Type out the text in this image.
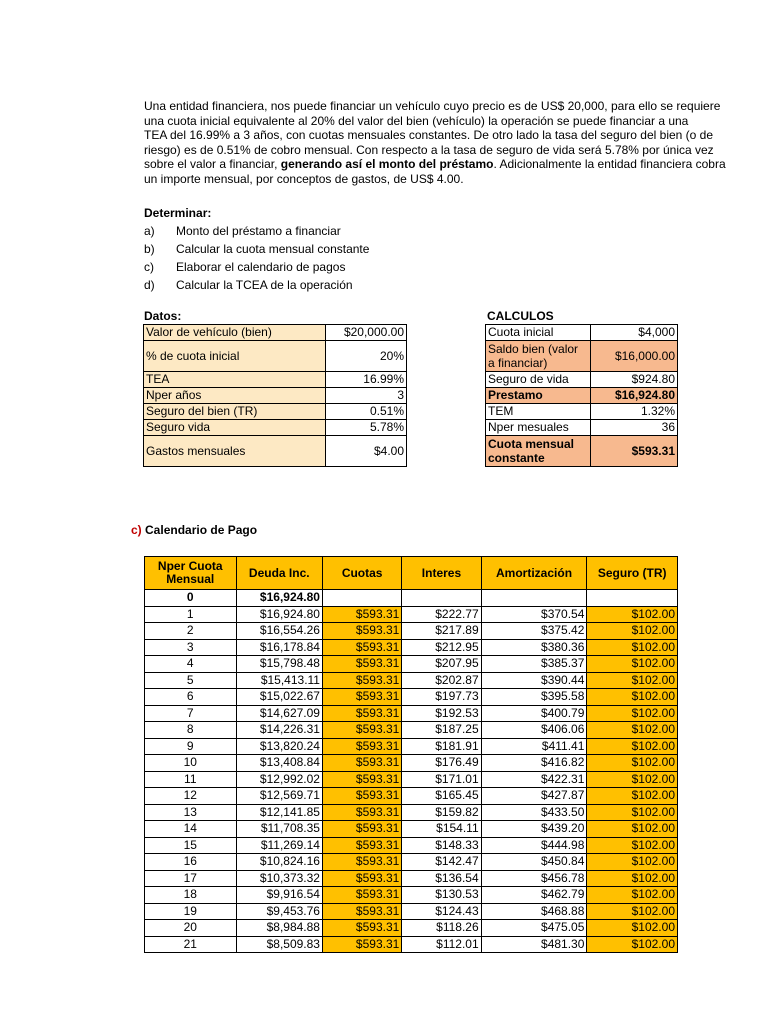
Una entidad financiera, nos puede financiar un vehículo cuyo precio es de US$ 20,000, para ello se requiere
una cuota inicial equivalente al 20% del valor del bien (vehículo) la operación se puede financiar a una
TEA del 16.99% a 3 años, con cuotas mensuales constantes. De otro lado la tasa del seguro del bien (o de
riesgo) es de 0.51% de cobro mensual. Con respecto a la tasa de seguro de vida será 5.78% por única vez
sobre el valor a financiar, generando así el monto del préstamo. Adicionalmente la entidad financiera cobra
un importe mensual, por conceptos de gastos, de US$ 4.00.
Determinar:
a) Monto del préstamo a financiar
b) Calcular la cuota mensual constante
c) Elaborar el calendario de pagos
d) Calcular la TCEA de la operación
Datos:
Valor de vehículo (bien)	$20,000.00
% de cuota inicial	20%
TEA	16.99%
Nper años	3
Seguro del bien (TR)	0.51%
Seguro vida	5.78%
Gastos mensuales	$4.00
CALCULOS
Cuota inicial	$4,000
Saldo bien (valor a financiar)	$16,000.00
Seguro de vida	$924.80
Prestamo	$16,924.80
TEM	1.32%
Nper mesuales	36
Cuota mensual constante	$593.31
c) Calendario de Pago
Nper Cuota Mensual	Deuda Inc.	Cuotas	Interes	Amortización	Seguro (TR)
0	$16,924.80				
1	$16,924.80	$593.31	$222.77	$370.54	$102.00
2	$16,554.26	$593.31	$217.89	$375.42	$102.00
3	$16,178.84	$593.31	$212.95	$380.36	$102.00
4	$15,798.48	$593.31	$207.95	$385.37	$102.00
5	$15,413.11	$593.31	$202.87	$390.44	$102.00
6	$15,022.67	$593.31	$197.73	$395.58	$102.00
7	$14,627.09	$593.31	$192.53	$400.79	$102.00
8	$14,226.31	$593.31	$187.25	$406.06	$102.00
9	$13,820.24	$593.31	$181.91	$411.41	$102.00
10	$13,408.84	$593.31	$176.49	$416.82	$102.00
11	$12,992.02	$593.31	$171.01	$422.31	$102.00
12	$12,569.71	$593.31	$165.45	$427.87	$102.00
13	$12,141.85	$593.31	$159.82	$433.50	$102.00
14	$11,708.35	$593.31	$154.11	$439.20	$102.00
15	$11,269.14	$593.31	$148.33	$444.98	$102.00
16	$10,824.16	$593.31	$142.47	$450.84	$102.00
17	$10,373.32	$593.31	$136.54	$456.78	$102.00
18	$9,916.54	$593.31	$130.53	$462.79	$102.00
19	$9,453.76	$593.31	$124.43	$468.88	$102.00
20	$8,984.88	$593.31	$118.26	$475.05	$102.00
21	$8,509.83	$593.31	$112.01	$481.30	$102.00
